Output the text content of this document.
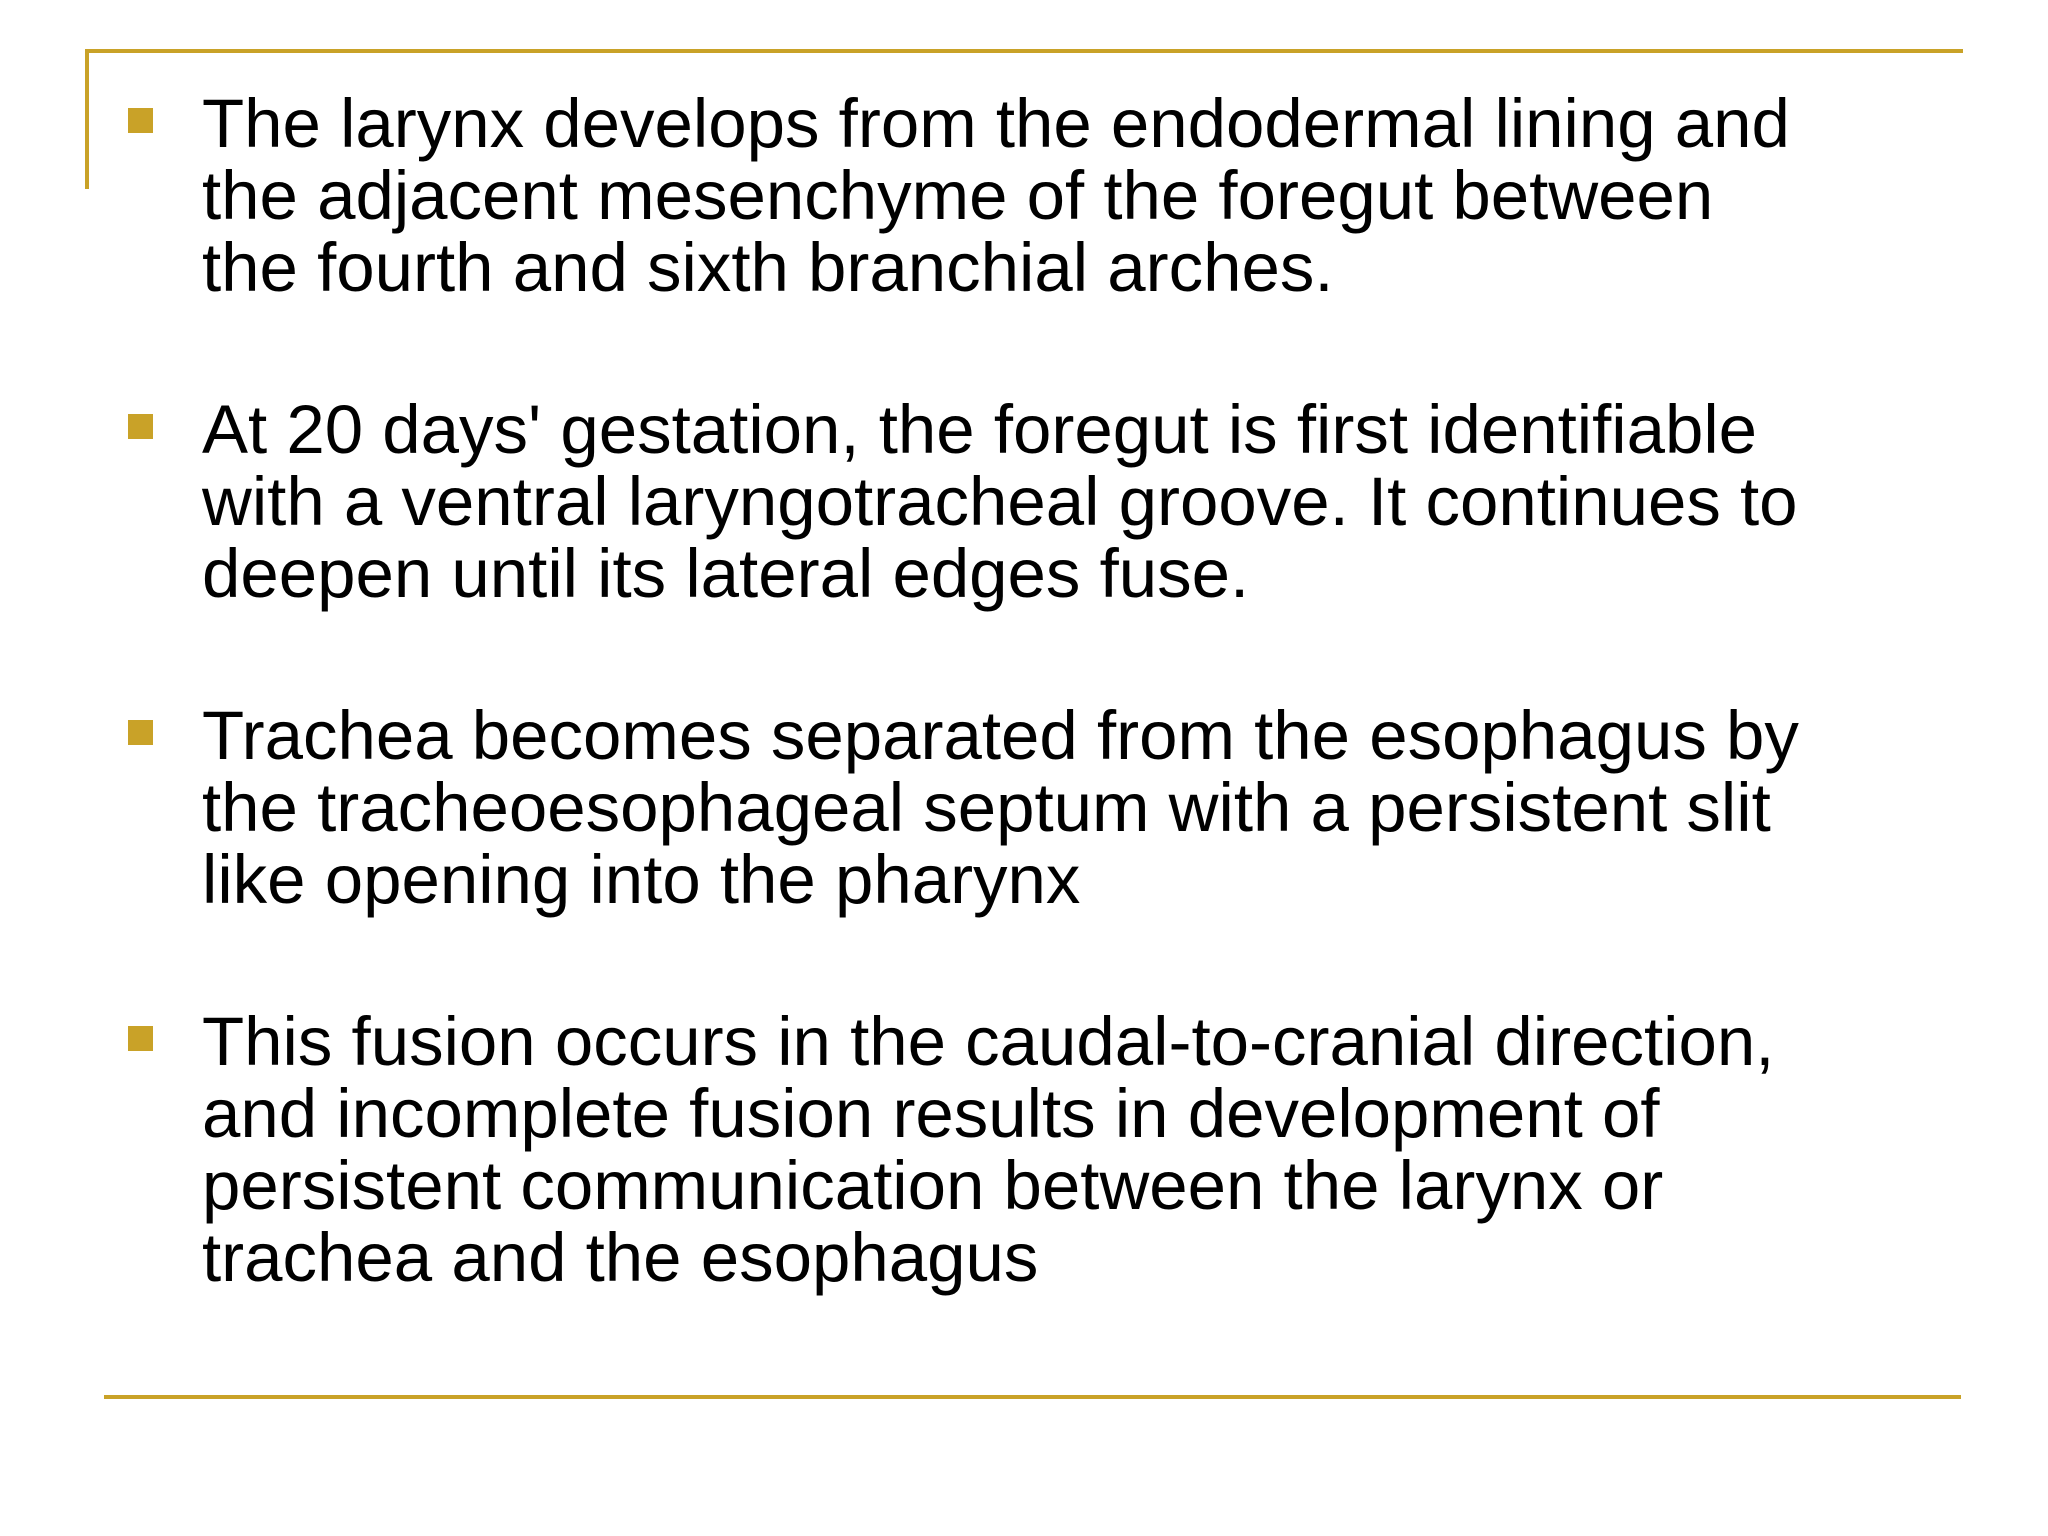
The larynx develops from the endodermal lining and
the adjacent mesenchyme of the foregut between
the fourth and sixth branchial arches.
At 20 days' gestation, the foregut is first identifiable
with a ventral laryngotracheal groove. It continues to
deepen until its lateral edges fuse.
Trachea becomes separated from the esophagus by
the tracheoesophageal septum with a persistent slit
like opening into the pharynx
This fusion occurs in the caudal-to-cranial direction,
and incomplete fusion results in development of
persistent communication between the larynx or
trachea and the esophagus
